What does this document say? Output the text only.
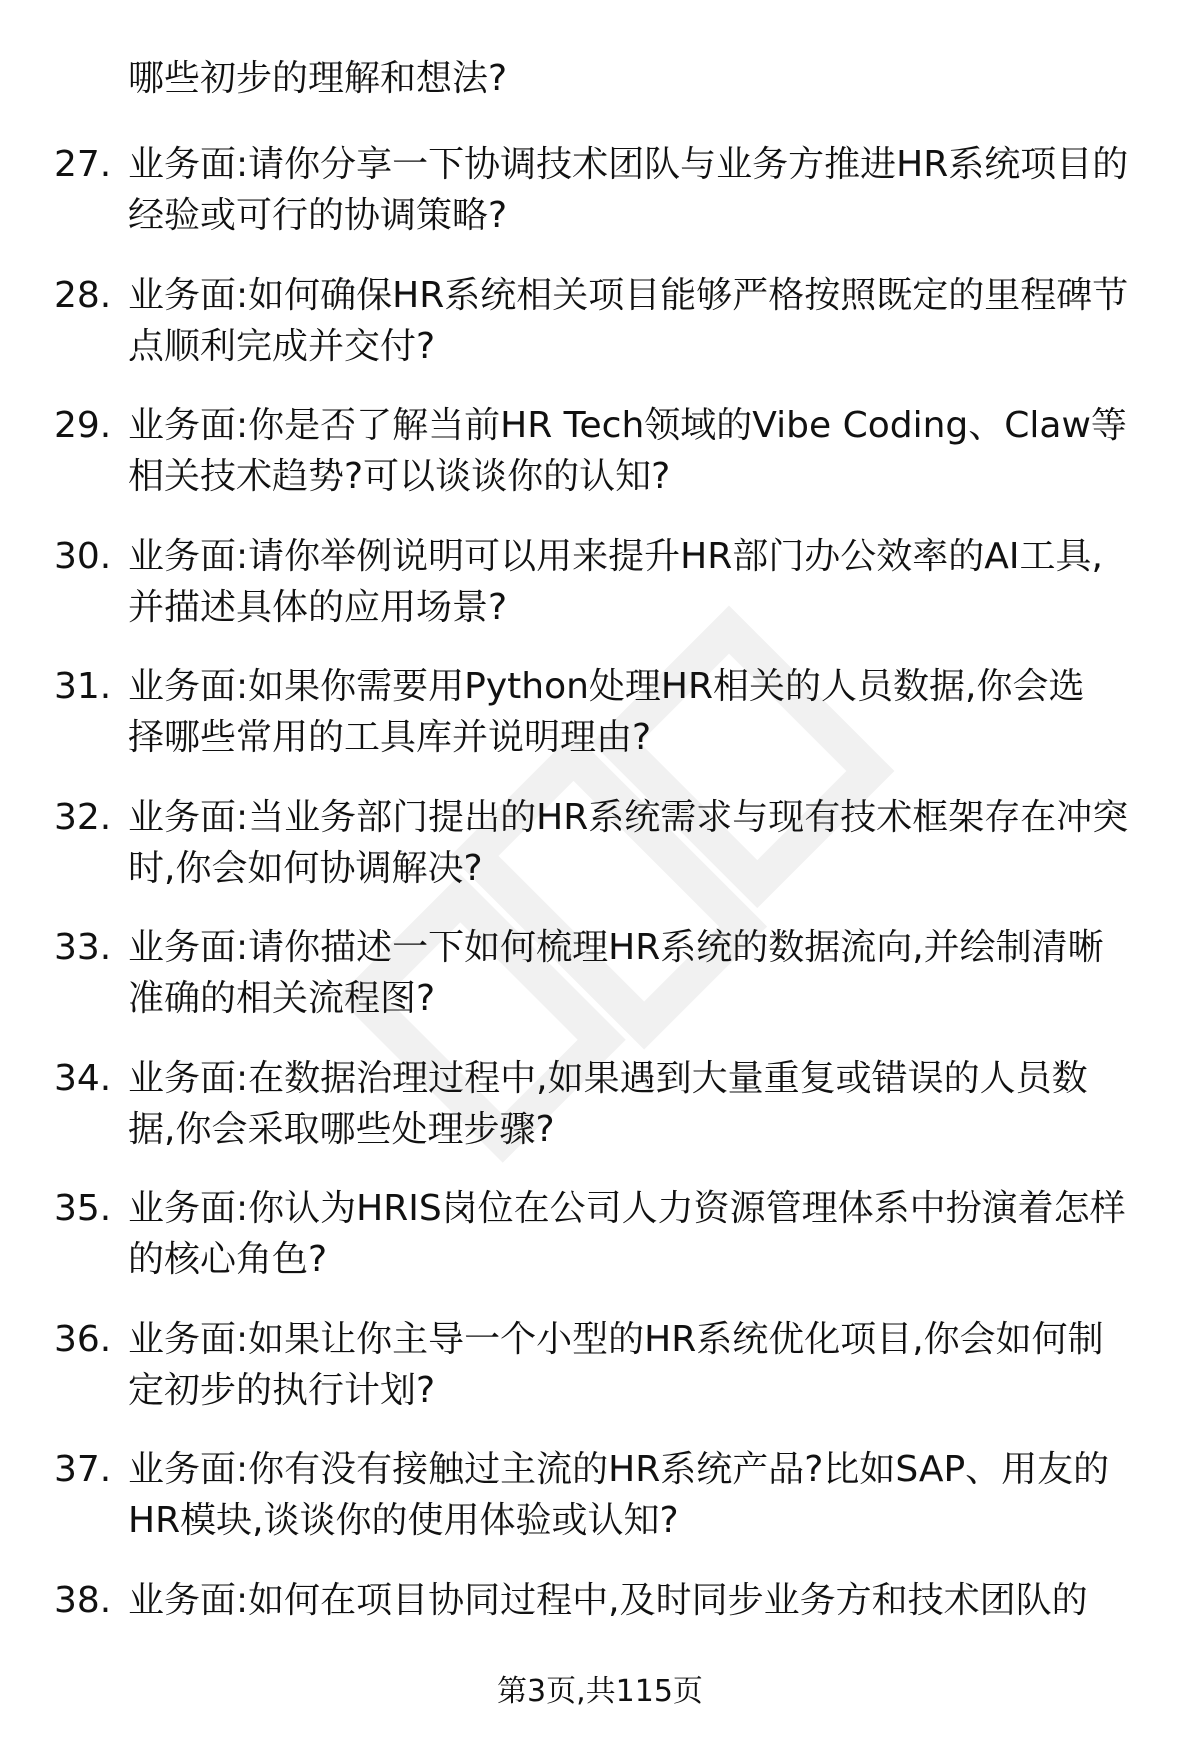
哪些初步的理解和想法?
27. 业务面:请你分享一下协调技术团队与业务方推进HR系统项目的
经验或可行的协调策略?
28. 业务面:如何确保HR系统相关项目能够严格按照既定的里程碑节
点顺利完成并交付?
29. 业务面:你是否了解当前HR Tech领域的Vibe Coding、Claw等
相关技术趋势?可以谈谈你的认知?
30. 业务面:请你举例说明可以用来提升HR部门办公效率的AI工具,
并描述具体的应用场景?
31. 业务面:如果你需要用Python处理HR相关的人员数据,你会选
择哪些常用的工具库并说明理由?
32. 业务面:当业务部门提出的HR系统需求与现有技术框架存在冲突
时,你会如何协调解决?
33. 业务面:请你描述一下如何梳理HR系统的数据流向,并绘制清晰
准确的相关流程图?
34. 业务面:在数据治理过程中,如果遇到大量重复或错误的人员数
据,你会采取哪些处理步骤?
35. 业务面:你认为HRIS岗位在公司人力资源管理体系中扮演着怎样
的核心角色?
36. 业务面:如果让你主导一个小型的HR系统优化项目,你会如何制
定初步的执行计划?
37. 业务面:你有没有接触过主流的HR系统产品?比如SAP、用友的
HR模块,谈谈你的使用体验或认知?
38. 业务面:如何在项目协同过程中,及时同步业务方和技术团队的
第3页,共115页
